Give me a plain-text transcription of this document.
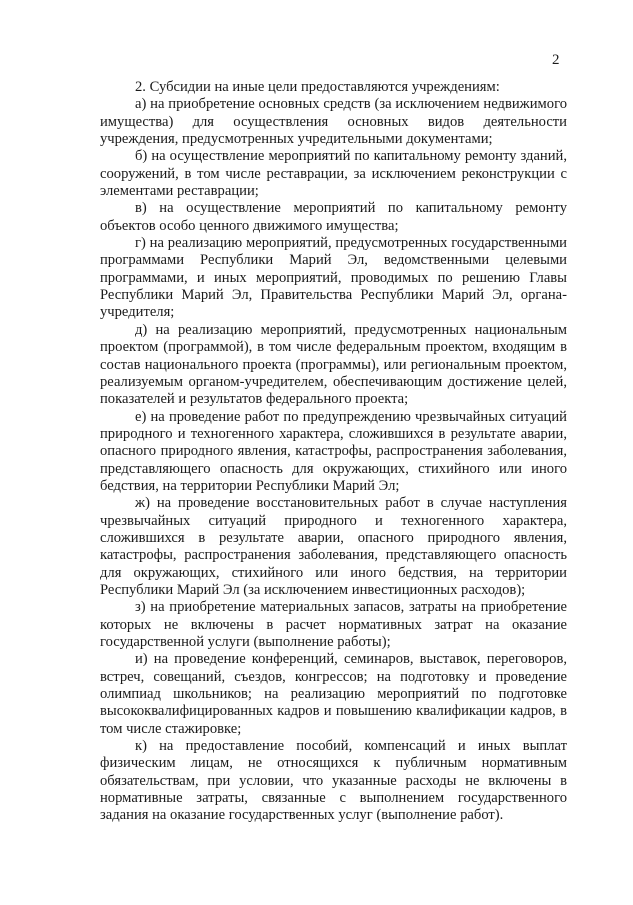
2

2. Субсидии на иные цели предоставляются учреждениям:

а) на приобретение основных средств (за исключением недвижимого имущества) для осуществления основных видов деятельности учреждения, предусмотренных учредительными документами;

б) на осуществление мероприятий по капитальному ремонту зданий, сооружений, в том числе реставрации, за исключением реконструкции с элементами реставрации;

в) на осуществление мероприятий по капитальному ремонту объектов особо ценного движимого имущества;

г) на реализацию мероприятий, предусмотренных государственными программами Республики Марий Эл, ведомственными целевыми программами, и иных мероприятий, проводимых по решению Главы Республики Марий Эл, Правительства Республики Марий Эл, органа-учредителя;

д) на реализацию мероприятий, предусмотренных национальным проектом (программой), в том числе федеральным проектом, входящим в состав национального проекта (программы), или региональным проектом, реализуемым органом-учредителем, обеспечивающим достижение целей, показателей и результатов федерального проекта;

е) на проведение работ по предупреждению чрезвычайных ситуаций природного и техногенного характера, сложившихся в результате аварии, опасного природного явления, катастрофы, распространения заболевания, представляющего опасность для окружающих, стихийного или иного бедствия, на территории Республики Марий Эл;

ж) на проведение восстановительных работ в случае наступления чрезвычайных ситуаций природного и техногенного характера, сложившихся в результате аварии, опасного природного явления, катастрофы, распространения заболевания, представляющего опасность для окружающих, стихийного или иного бедствия, на территории Республики Марий Эл (за исключением инвестиционных расходов);

з) на приобретение материальных запасов, затраты на приобретение которых не включены в расчет нормативных затрат на оказание государственной услуги (выполнение работы);

и) на проведение конференций, семинаров, выставок, переговоров, встреч, совещаний, съездов, конгрессов; на подготовку и проведение олимпиад школьников; на реализацию мероприятий по подготовке высококвалифицированных кадров и повышению квалификации кадров, в том числе стажировке;

к) на предоставление пособий, компенсаций и иных выплат физическим лицам, не относящихся к публичным нормативным обязательствам, при условии, что указанные расходы не включены в нормативные затраты, связанные с выполнением государственного задания на оказание государственных услуг (выполнение работ).
